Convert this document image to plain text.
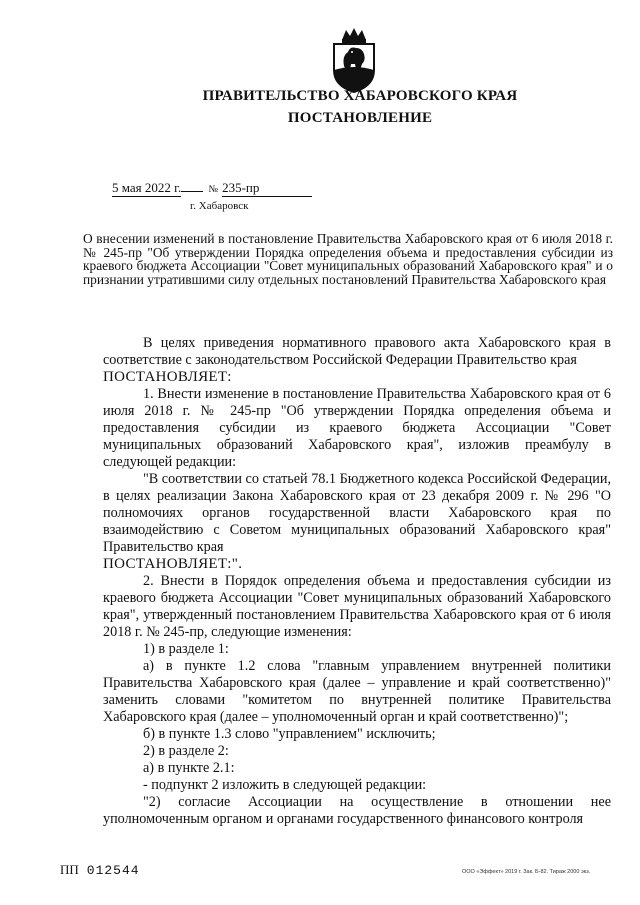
ПРАВИТЕЛЬСТВО ХАБАРОВСКОГО КРАЯ
ПОСТАНОВЛЕНИЕ
5 мая 2022 г.	№ 235-пр
г. Хабаровск
О внесении изменений в постановление Правительства Хабаровского края от 6 июля 2018 г. № 245-пр "Об утверждении Порядка определения объема и предоставления субсидии из краевого бюджета Ассоциации "Совет муниципальных образований Хабаровского края" и о признании утратившими силу отдельных постановлений Правительства Хабаровского края

В целях приведения нормативного правового акта Хабаровского края в соответствие с законодательством Российской Федерации Правительство края

ПОСТАНОВЛЯЕТ:

1. Внести изменение в постановление Правительства Хабаровского края от 6 июля 2018 г. № 245-пр "Об утверждении Порядка определения объема и предоставления субсидии из краевого бюджета Ассоциации "Совет муниципальных образований Хабаровского края", изложив преамбулу в следующей редакции:

"В соответствии со статьей 78.1 Бюджетного кодекса Российской Федерации, в целях реализации Закона Хабаровского края от 23 декабря 2009 г. № 296 "О полномочиях органов государственной власти Хабаровского края по взаимодействию с Советом муниципальных образований Хабаровского края" Правительство края

ПОСТАНОВЛЯЕТ:".

2. Внести в Порядок определения объема и предоставления субсидии из краевого бюджета Ассоциации "Совет муниципальных образований Хабаровского края", утвержденный постановлением Правительства Хабаровского края от 6 июля 2018 г. № 245-пр, следующие изменения:

1) в разделе 1:

а) в пункте 1.2 слова "главным управлением внутренней политики Правительства Хабаровского края (далее – управление и край соответственно)" заменить словами "комитетом по внутренней политике Правительства Хабаровского края (далее – уполномоченный орган и край соответственно)";

б) в пункте 1.3 слово "управлением" исключить;

2) в разделе 2:

а) в пункте 2.1:

- подпункт 2 изложить в следующей редакции:

"2) согласие Ассоциации на осуществление в отношении нее уполномоченным органом и органами государственного финансового контроля

ПП 012544	ООО «Эффект» 2019 г. Зак. Б-82. Тираж 2000 экз.
